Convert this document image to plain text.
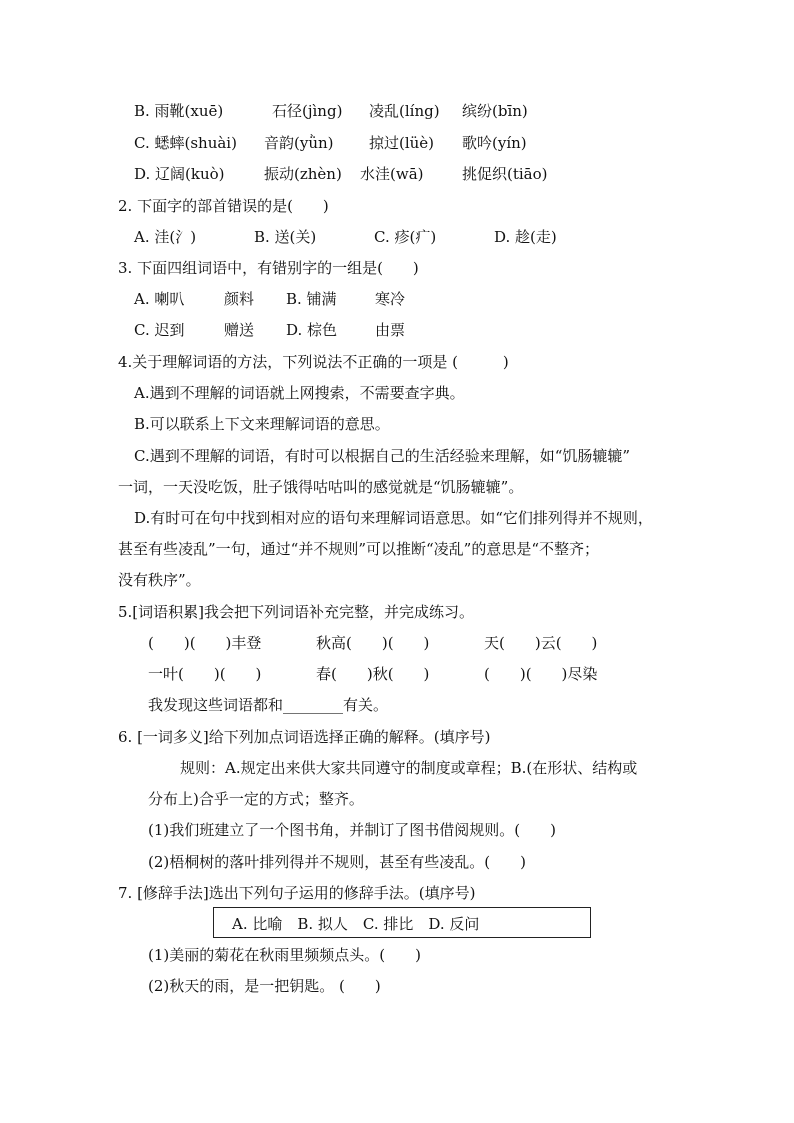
B. 雨靴(xuē)	石径(jìng) 凌乱(líng) 缤纷(bīn)
C. 蟋蟀(shuài) 音韵(yǜn) 掠过(lüè) 歌吟(yín)
D. 辽阔(kuò)	振动(zhèn) 水洼(wā)	挑促织(tiāo)
2. 下面字的部首错误的是(　　)
A. 洼(氵)	B. 送(关)	C. 疹(疒)	D. 趁(走)
3. 下面四组词语中，有错别字的一组是(　　)
A. 喇叭	颜料 B. 铺满	寒冷
C. 迟到	赠送 D. 棕色	由票
4.关于理解词语的方法，下列说法不正确的一项是 (　　　)
A.遇到不理解的词语就上网搜索，不需要查字典。
B.可以联系上下文来理解词语的意思。
C.遇到不理解的词语，有时可以根据自己的生活经验来理解，如“饥肠辘辘”
一词，一天没吃饭，肚子饿得咕咕叫的感觉就是“饥肠辘辘”。
D.有时可在句中找到相对应的语句来理解词语意思。如“它们排列得并不规则，
甚至有些凌乱”一句，通过“并不规则”可以推断“凌乱”的意思是“不整齐；
没有秩序”。
5.[词语积累]我会把下列词语补充完整，并完成练习。
(　　)(　　)丰登	秋高(　　)(　　)	天(　　)云(　　)
一叶(　　)(　　)	春(　　)秋(　　)	(　　)(　　)尽染
我发现这些词语都和________有关。
6. [一词多义]给下列加点词语选择正确的解释。(填序号)
规则：A.规定出来供大家共同遵守的制度或章程；B.(在形状、结构或
分布上)合乎一定的方式；整齐。
(1)我们班建立了一个图书角，并制订了图书借阅规则。(　　)
(2)梧桐树的落叶排列得并不规则，甚至有些凌乱。(　　)
7. [修辞手法]选出下列句子运用的修辞手法。(填序号)
A. 比喻　B. 拟人　C. 排比　D. 反问
(1)美丽的菊花在秋雨里频频点头。(　　)
(2)秋天的雨，是一把钥匙。 (　　)
